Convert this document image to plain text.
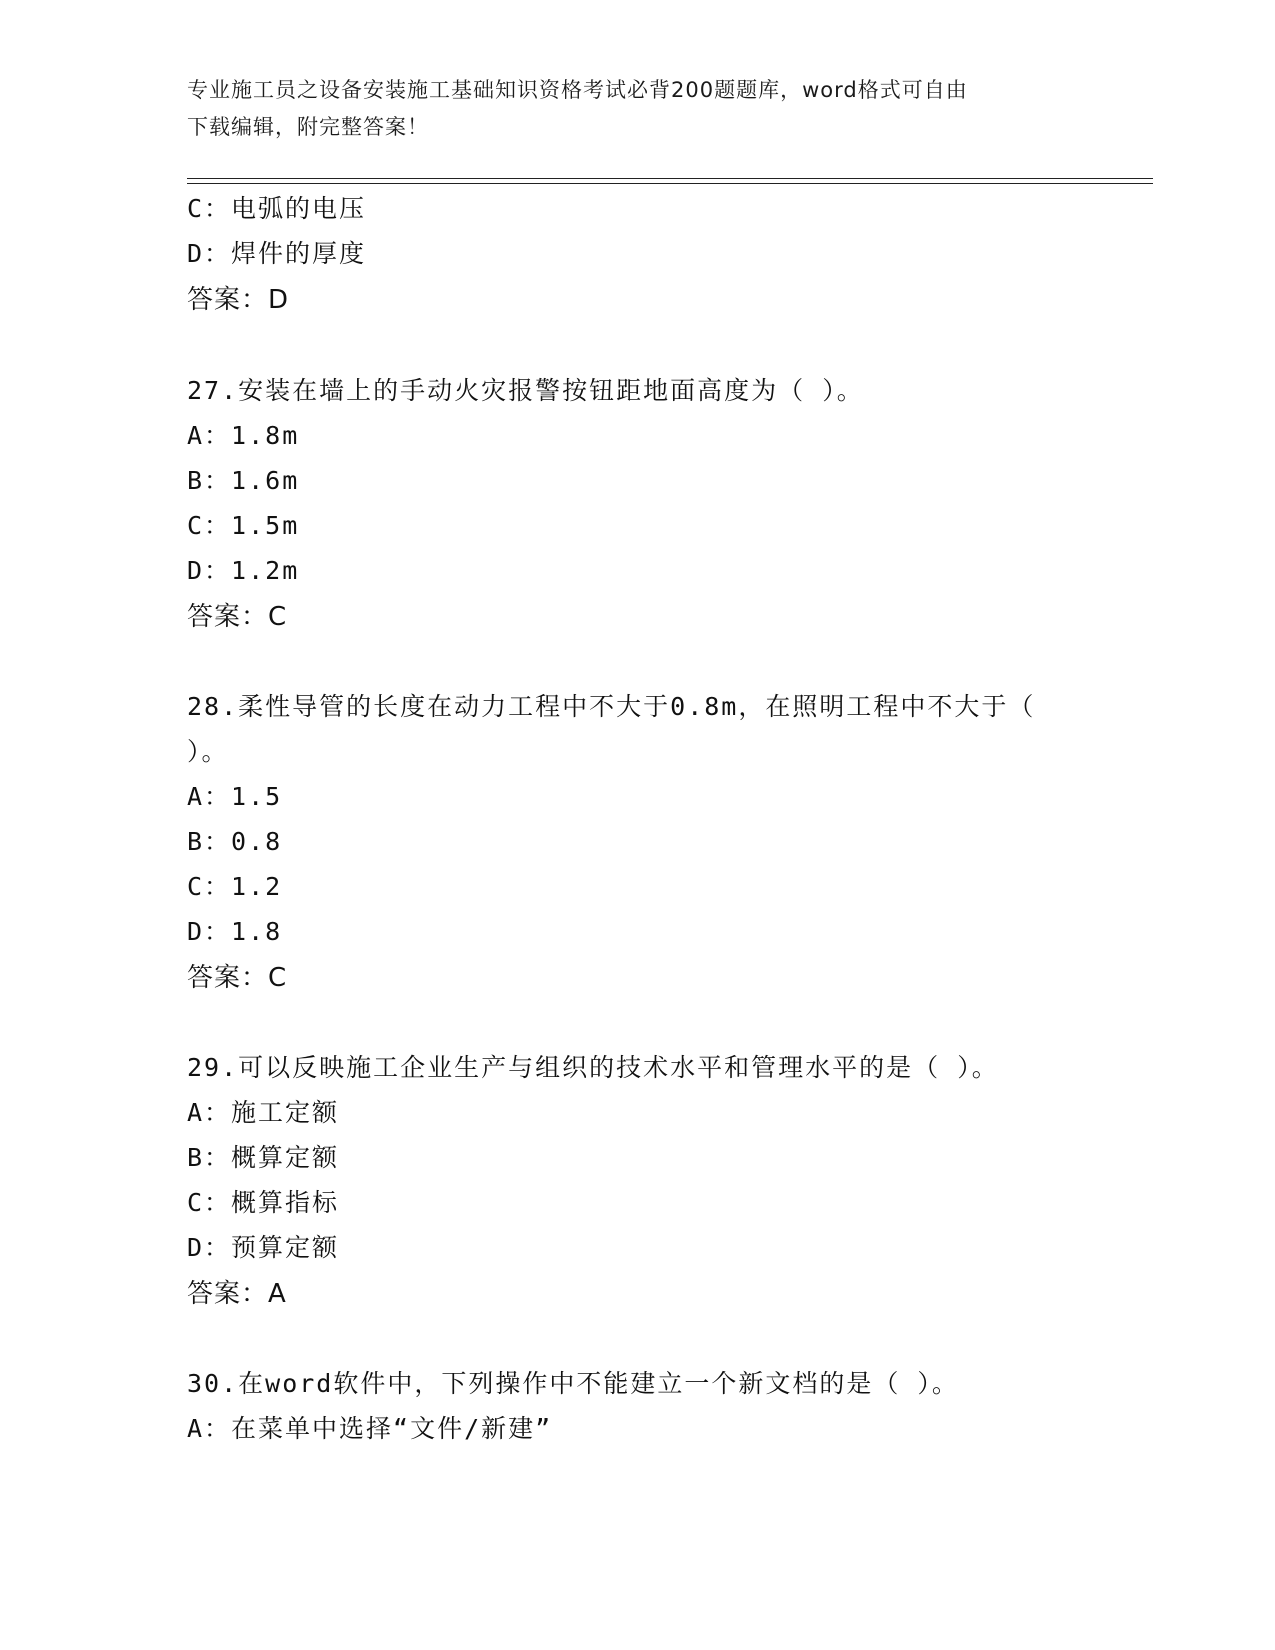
专业施工员之设备安装施工基础知识资格考试必背200题题库，word格式可自由
下载编辑，附完整答案！
C：电弧的电压
D：焊件的厚度
答案：D
27.安装在墙上的手动火灾报警按钮距地面高度为（ ）。
A：1.8m
B：1.6m
C：1.5m
D：1.2m
答案：C
28.柔性导管的长度在动力工程中不大于0.8m，在照明工程中不大于（
）。
A：1.5
B：0.8
C：1.2
D：1.8
答案：C
29.可以反映施工企业生产与组织的技术水平和管理水平的是（ ）。
A：施工定额
B：概算定额
C：概算指标
D：预算定额
答案：A
30.在word软件中，下列操作中不能建立一个新文档的是（ ）。
A：在菜单中选择“文件/新建”
